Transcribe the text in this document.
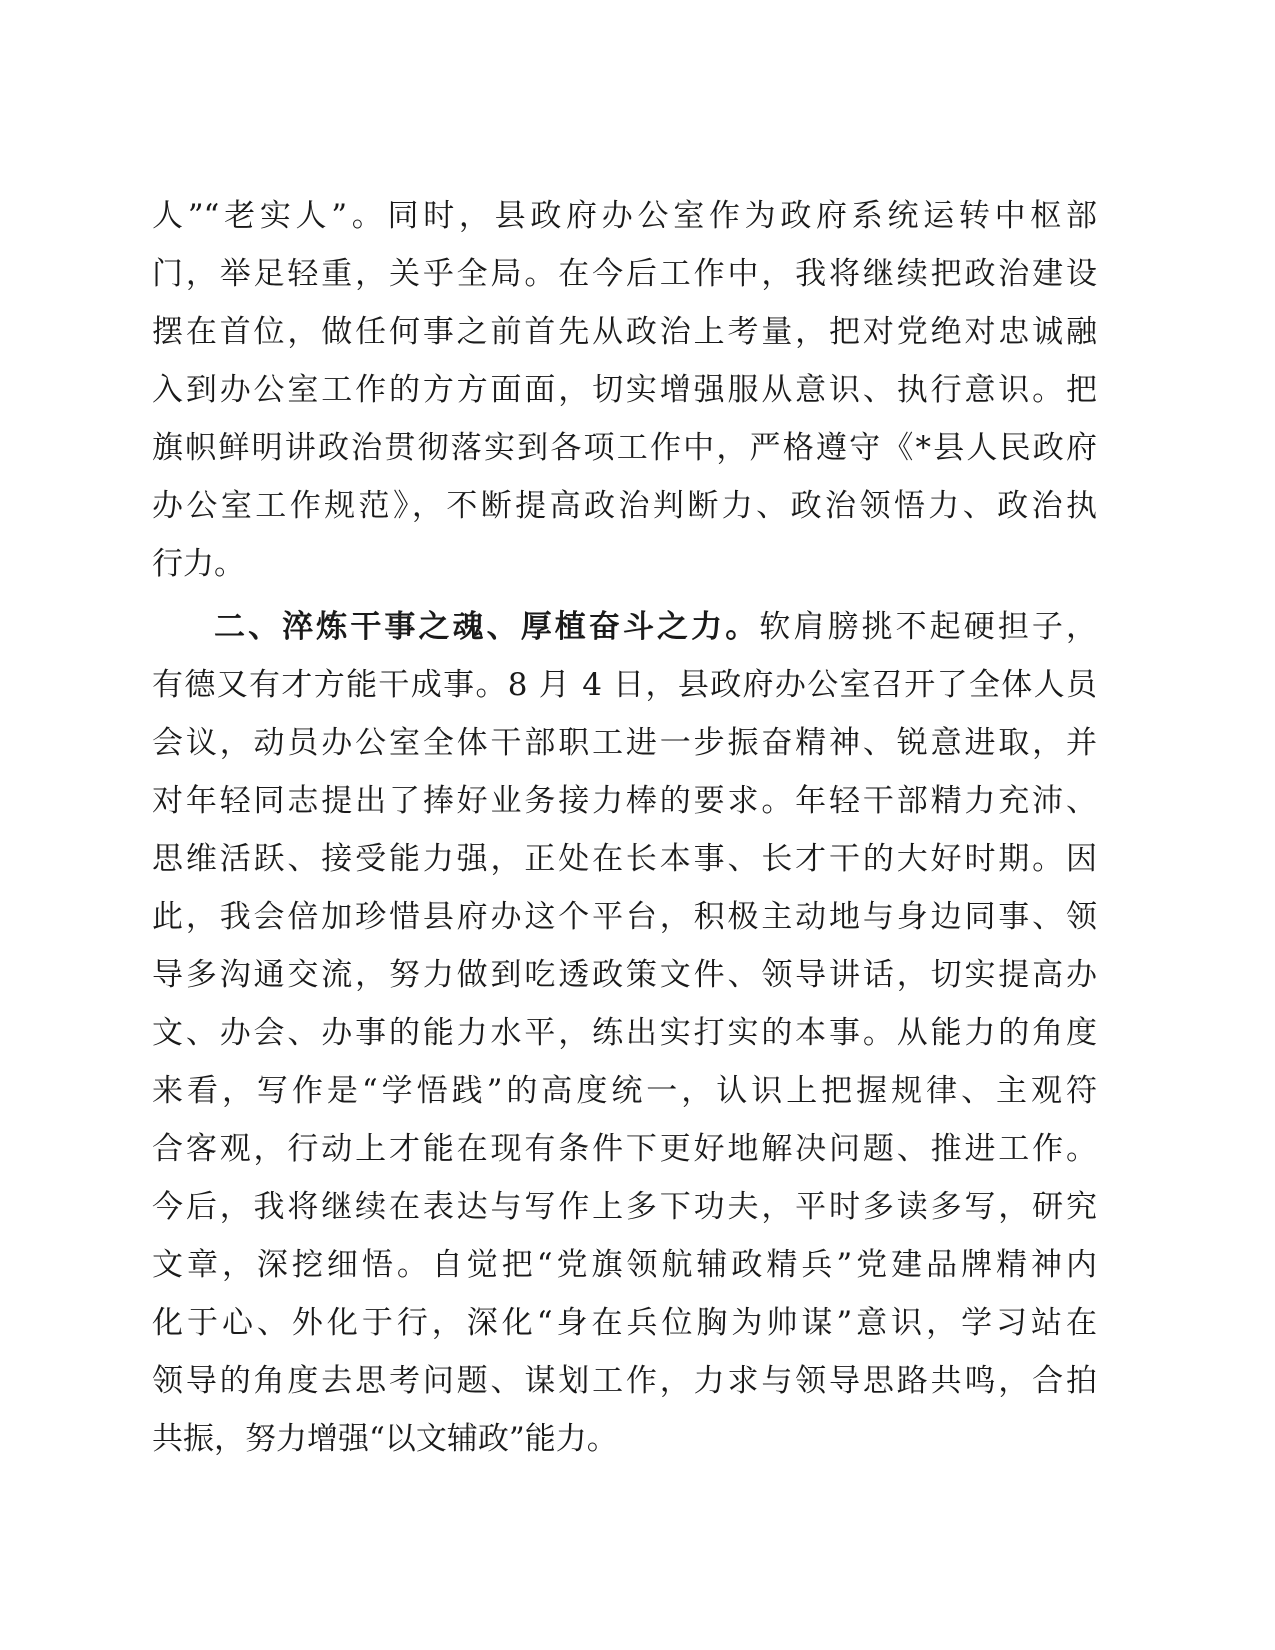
人”“老实人”。同时，县政府办公室作为政府系统运转中枢部
门，举足轻重，关乎全局。在今后工作中，我将继续把政治建设
摆在首位，做任何事之前首先从政治上考量，把对党绝对忠诚融
入到办公室工作的方方面面，切实增强服从意识、执行意识。把
旗帜鲜明讲政治贯彻落实到各项工作中，严格遵守《*县人民政府
办公室工作规范》，不断提高政治判断力、政治领悟力、政治执
行力。
二、淬炼干事之魂、厚植奋斗之力。软肩膀挑不起硬担子，
有德又有才方能干成事。8 月 4 日，县政府办公室召开了全体人员
会议，动员办公室全体干部职工进一步振奋精神、锐意进取，并
对年轻同志提出了捧好业务接力棒的要求。年轻干部精力充沛、
思维活跃、接受能力强，正处在长本事、长才干的大好时期。因
此，我会倍加珍惜县府办这个平台，积极主动地与身边同事、领
导多沟通交流，努力做到吃透政策文件、领导讲话，切实提高办
文、办会、办事的能力水平，练出实打实的本事。从能力的角度
来看，写作是“学悟践”的高度统一，认识上把握规律、主观符
合客观，行动上才能在现有条件下更好地解决问题、推进工作。
今后，我将继续在表达与写作上多下功夫，平时多读多写，研究
文章，深挖细悟。自觉把“党旗领航辅政精兵”党建品牌精神内
化于心、外化于行，深化“身在兵位胸为帅谋”意识，学习站在
领导的角度去思考问题、谋划工作，力求与领导思路共鸣，合拍
共振，努力增强“以文辅政”能力。
